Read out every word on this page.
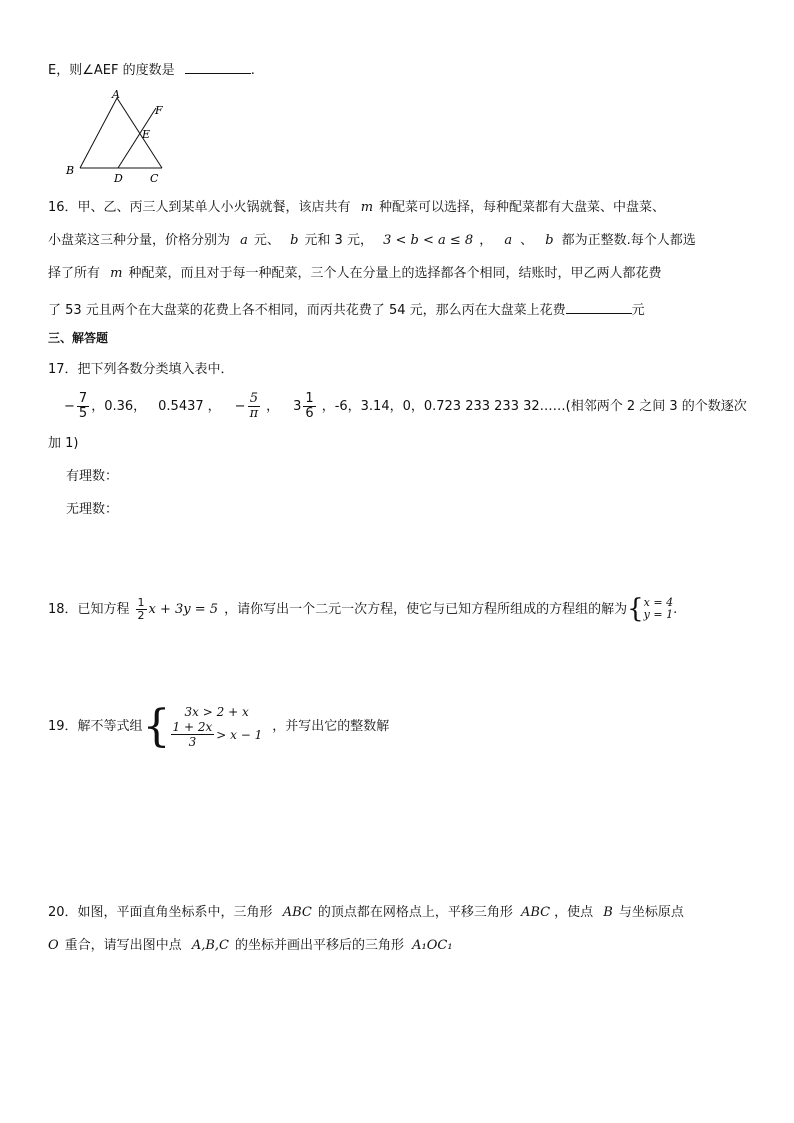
E，则∠AEF 的度数是	.
A
B
C
D
E
F
16．甲、乙、丙三人到某单人小火锅就餐，该店共有 m 种配菜可以选择，每种配菜都有大盘菜、中盘菜、
小盘菜这三种分量，价格分别为 a 元、 b 元和 3 元， 3 < b < a ≤ 8 ， a 、 b 都为正整数.每个人都选
择了所有 m 种配菜，而且对于每一种配菜，三个人在分量上的选择都各个相同，结账时，甲乙两人都花费
了 53 元且两个在大盘菜的花费上各不相同，而丙共花费了 54 元，那么丙在大盘菜上花费	元
三、解答题
17．把下列各数分类填入表中．
− $\frac{7}{5}$ ，0.36， 0.5437 ， − $\frac{5}{\pi}$ ， $3 \frac{1}{6}$ ，-6，3.14，0，0.723 233 233 32……(相邻两个 2 之间 3 的个数逐次
加 1)
有理数：
无理数：
18．已知方程 $\frac{1}{2}$ x + 3y = 5 ，请你写出一个二元一次方程，使它与已知方程所组成的方程组的解为 { x = 4
y = 1 .
19．解不等式组 { 3x > 2 + x
$\frac{1 + 2x}{3} > x - 1$
，并写出它的整数解
20．如图，平面直角坐标系中，三角形 ABC 的顶点都在网格点上，平移三角形 ABC ，使点 B 与坐标原点
O 重合，请写出图中点 A,B,C 的坐标并画出平移后的三角形 A₁OC₁
